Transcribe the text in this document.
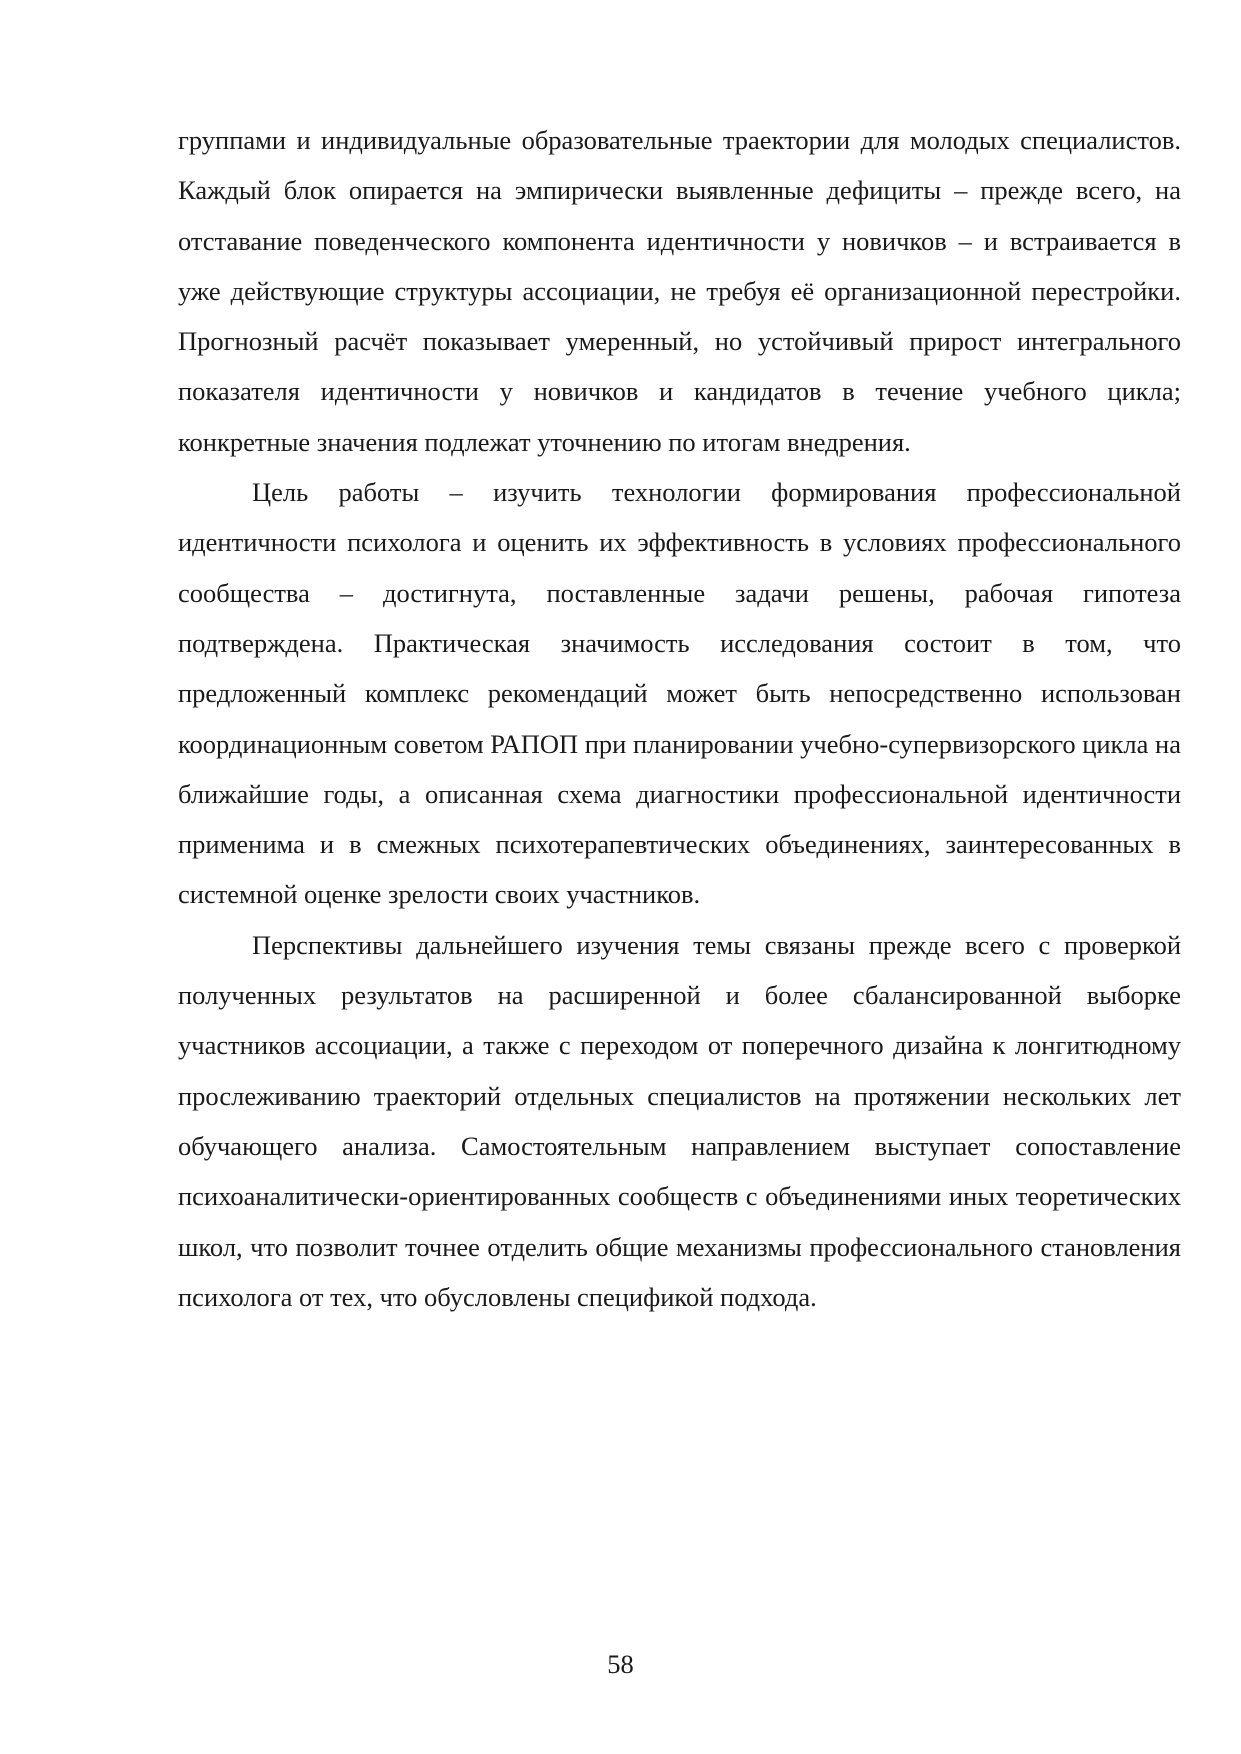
группами и индивидуальные образовательные траектории для молодых специалистов. Каждый блок опирается на эмпирически выявленные дефициты – прежде всего, на отставание поведенческого компонента идентичности у новичков – и встраивается в уже действующие структуры ассоциации, не требуя её организационной перестройки. Прогнозный расчёт показывает умеренный, но устойчивый прирост интегрального показателя идентичности у новичков и кандидатов в течение учебного цикла; конкретные значения подлежат уточнению по итогам внедрения.

Цель работы – изучить технологии формирования профессиональной идентичности психолога и оценить их эффективность в условиях профессионального сообщества – достигнута, поставленные задачи решены, рабочая гипотеза подтверждена. Практическая значимость исследования состоит в том, что предложенный комплекс рекомендаций может быть непосредственно использован координационным советом РАПОП при планировании учебно-супервизорского цикла на ближайшие годы, а описанная схема диагностики профессиональной идентичности применима и в смежных психотерапевтических объединениях, заинтересованных в системной оценке зрелости своих участников.

Перспективы дальнейшего изучения темы связаны прежде всего с проверкой полученных результатов на расширенной и более сбалансированной выборке участников ассоциации, а также с переходом от поперечного дизайна к лонгитюдному прослеживанию траекторий отдельных специалистов на протяжении нескольких лет обучающего анализа. Самостоятельным направлением выступает сопоставление психоаналитически-ориентированных сообществ с объединениями иных теоретических школ, что позволит точнее отделить общие механизмы профессионального становления психолога от тех, что обусловлены спецификой подхода.

58
